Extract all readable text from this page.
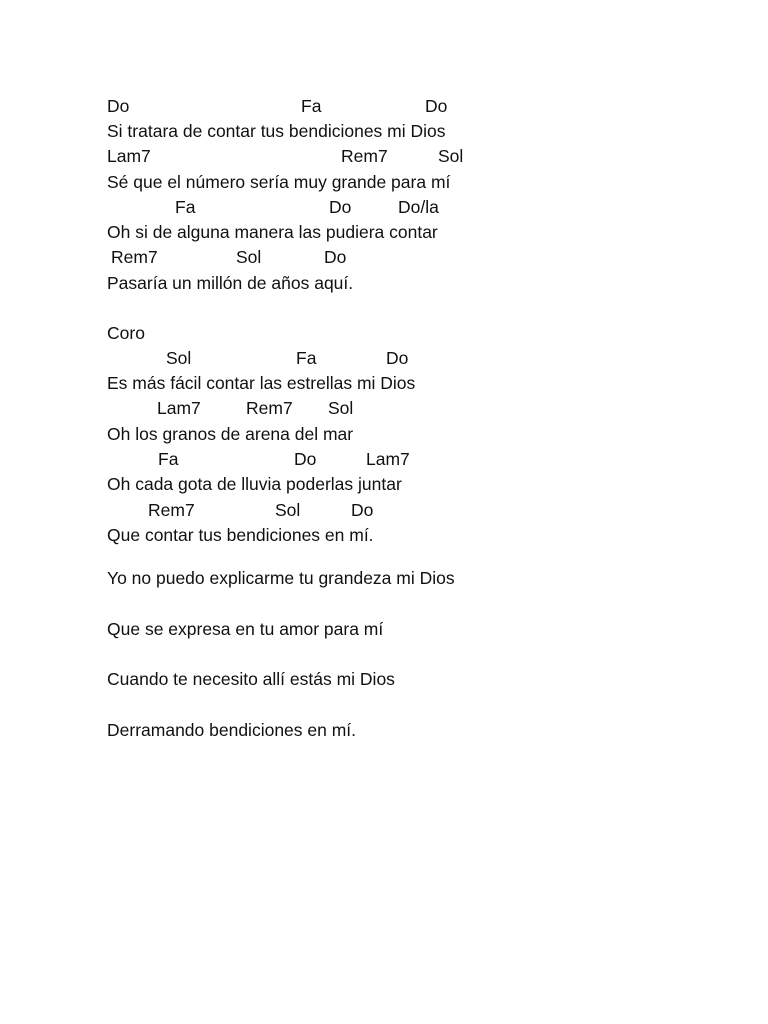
Do	Fa	Do

Si tratara de contar tus bendiciones mi Dios

Lam7	Rem7	Sol

Sé que el número sería muy grande para mí

Fa	Do	Do/la

Oh si de alguna manera las pudiera contar

Rem7	Sol	Do

Pasaría un millón de años aquí.

Coro

Sol	Fa	Do

Es más fácil contar las estrellas mi Dios

Lam7	Rem7 Sol

Oh los granos de arena del mar

Fa	Do	Lam7

Oh cada gota de lluvia poderlas juntar

Rem7	Sol	Do

Que contar tus bendiciones en mí.

Yo no puedo explicarme tu grandeza mi Dios

Que se expresa en tu amor para mí

Cuando te necesito allí estás mi Dios

Derramando bendiciones en mí.
